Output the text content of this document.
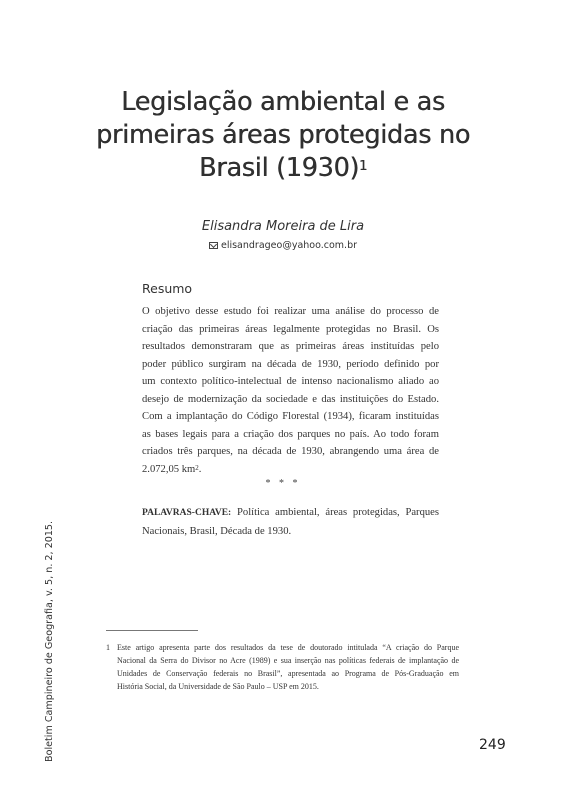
Legislação ambiental e as
primeiras áreas protegidas no
Brasil $(1930)^1$
Elisandra Moreira de Lira
elisandrageo@yahoo.com.br
Resumo

O objetivo desse estudo foi realizar uma análise do processo de
criação das primeiras áreas legalmente protegidas no Brasil. Os
resultados demonstraram que as primeiras áreas instituídas pelo
poder público surgiram na década de 1930, período definido por
um contexto político-intelectual de intenso nacionalismo aliado ao
desejo de modernização da sociedade e das instituições do Estado.
Com a implantação do Código Florestal (1934), ficaram instituídas
as bases legais para a criação dos parques no país. Ao todo foram
criados três parques, na década de 1930, abrangendo uma área de
2.072,05 $km^2$.

* * *

PALAVRAS-CHAVE: Política ambiental, áreas protegidas, Parques
Nacionais, Brasil, Década de 1930.

1 Este artigo apresenta parte dos resultados da tese de doutorado intitulada “A criação do Parque
Nacional da Serra do Divisor no Acre (1989) e sua inserção nas políticas federais de implantação de
Unidades de Conservação federais no Brasil”, apresentada ao Programa de Pós-Graduação em
História Social, da Universidade de São Paulo – USP em 2015.
Boletim Campineiro de Geografia, v. 5, n. 2, 2015.	249
